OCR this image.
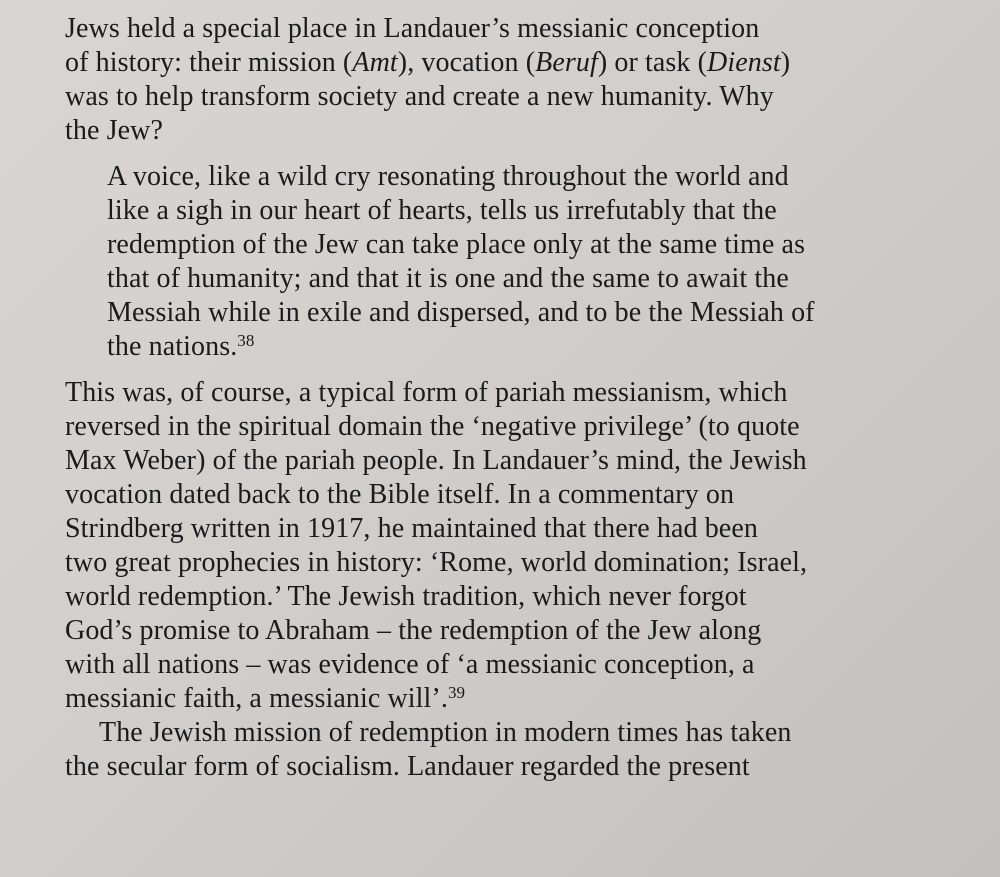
Jews held a special place in Landauer’s messianic conception
of history: their mission (Amt), vocation (Beruf) or task (Dienst)
was to help transform society and create a new humanity. Why
the Jew?
A voice, like a wild cry resonating throughout the world and
like a sigh in our heart of hearts, tells us irrefutably that the
redemption of the Jew can take place only at the same time as
that of humanity; and that it is one and the same to await the
Messiah while in exile and dispersed, and to be the Messiah of
the nations.$^{38}$
This was, of course, a typical form of pariah messianism, which
reversed in the spiritual domain the ‘negative privilege’ (to quote
Max Weber) of the pariah people. In Landauer’s mind, the Jewish
vocation dated back to the Bible itself. In a commentary on
Strindberg written in 1917, he maintained that there had been
two great prophecies in history: ‘Rome, world domination; Israel,
world redemption.’ The Jewish tradition, which never forgot
God’s promise to Abraham – the redemption of the Jew along
with all nations – was evidence of ‘a messianic conception, a
messianic faith, a messianic will’.$^{39}$
The Jewish mission of redemption in modern times has taken
the secular form of socialism. Landauer regarded the present
